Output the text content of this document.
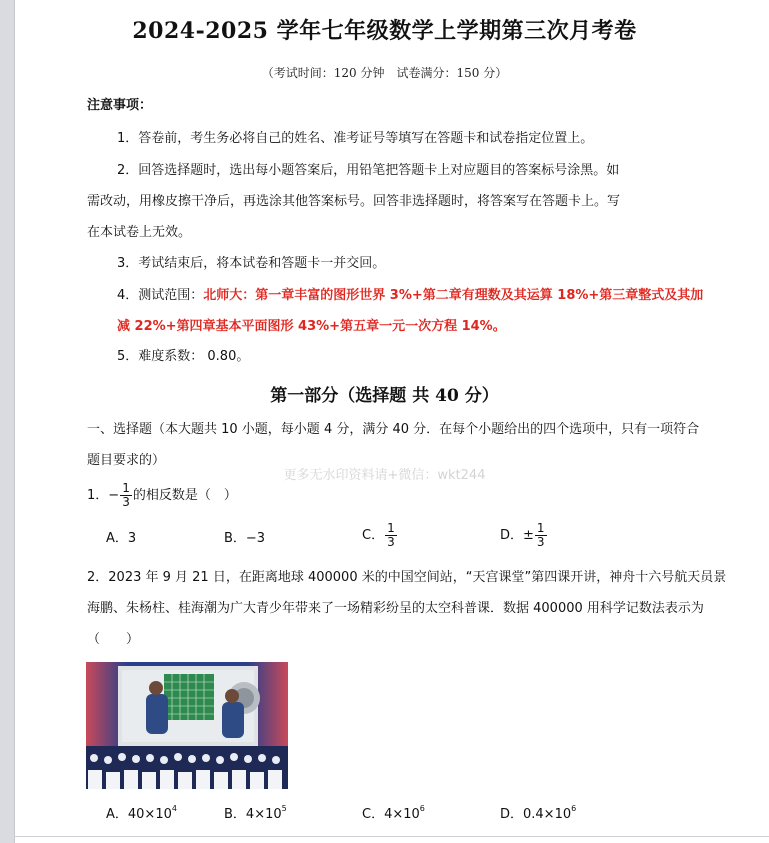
2024-2025 学年七年级数学上学期第三次月考卷
（考试时间：120 分钟　试卷满分：150 分）
注意事项：
1．答卷前，考生务必将自己的姓名、准考证号等填写在答题卡和试卷指定位置上。
2．回答选择题时，选出每小题答案后，用铅笔把答题卡上对应题目的答案标号涂黑。如
需改动，用橡皮擦干净后，再选涂其他答案标号。回答非选择题时，将答案写在答题卡上。写
在本试卷上无效。
3．考试结束后，将本试卷和答题卡一并交回。
4．测试范围：北师大：第一章丰富的图形世界 3%+第二章有理数及其运算 18%+第三章整式及其加
减 22%+第四章基本平面图形 43%+第五章一元一次方程 14%。
5．难度系数： 0.80。
第一部分（选择题 共 40 分）
一、选择题（本大题共 10 小题，每小题 4 分，满分 40 分．在每个小题给出的四个选项中，只有一项符合
题目要求的）
更多无水印资料请+微信：wkt244
1．− $\frac{1}{3}$ 的相反数是（　）
A．3	B．−3	C． $\frac{1}{3}$	D．± $\frac{1}{3}$
2．2023 年 9 月 21 日，在距离地球 400000 米的中国空间站，“天宫课堂”第四课开讲，神舟十六号航天员景
海鹏、朱杨柱、桂海潮为广大青少年带来了一场精彩纷呈的太空科普课．数据 400000 用科学记数法表示为
（　　）
A．$40\times 10^4$	B．$4\times 10^5$	C．$4\times 10^6$	D．$0.4\times 10^6$
